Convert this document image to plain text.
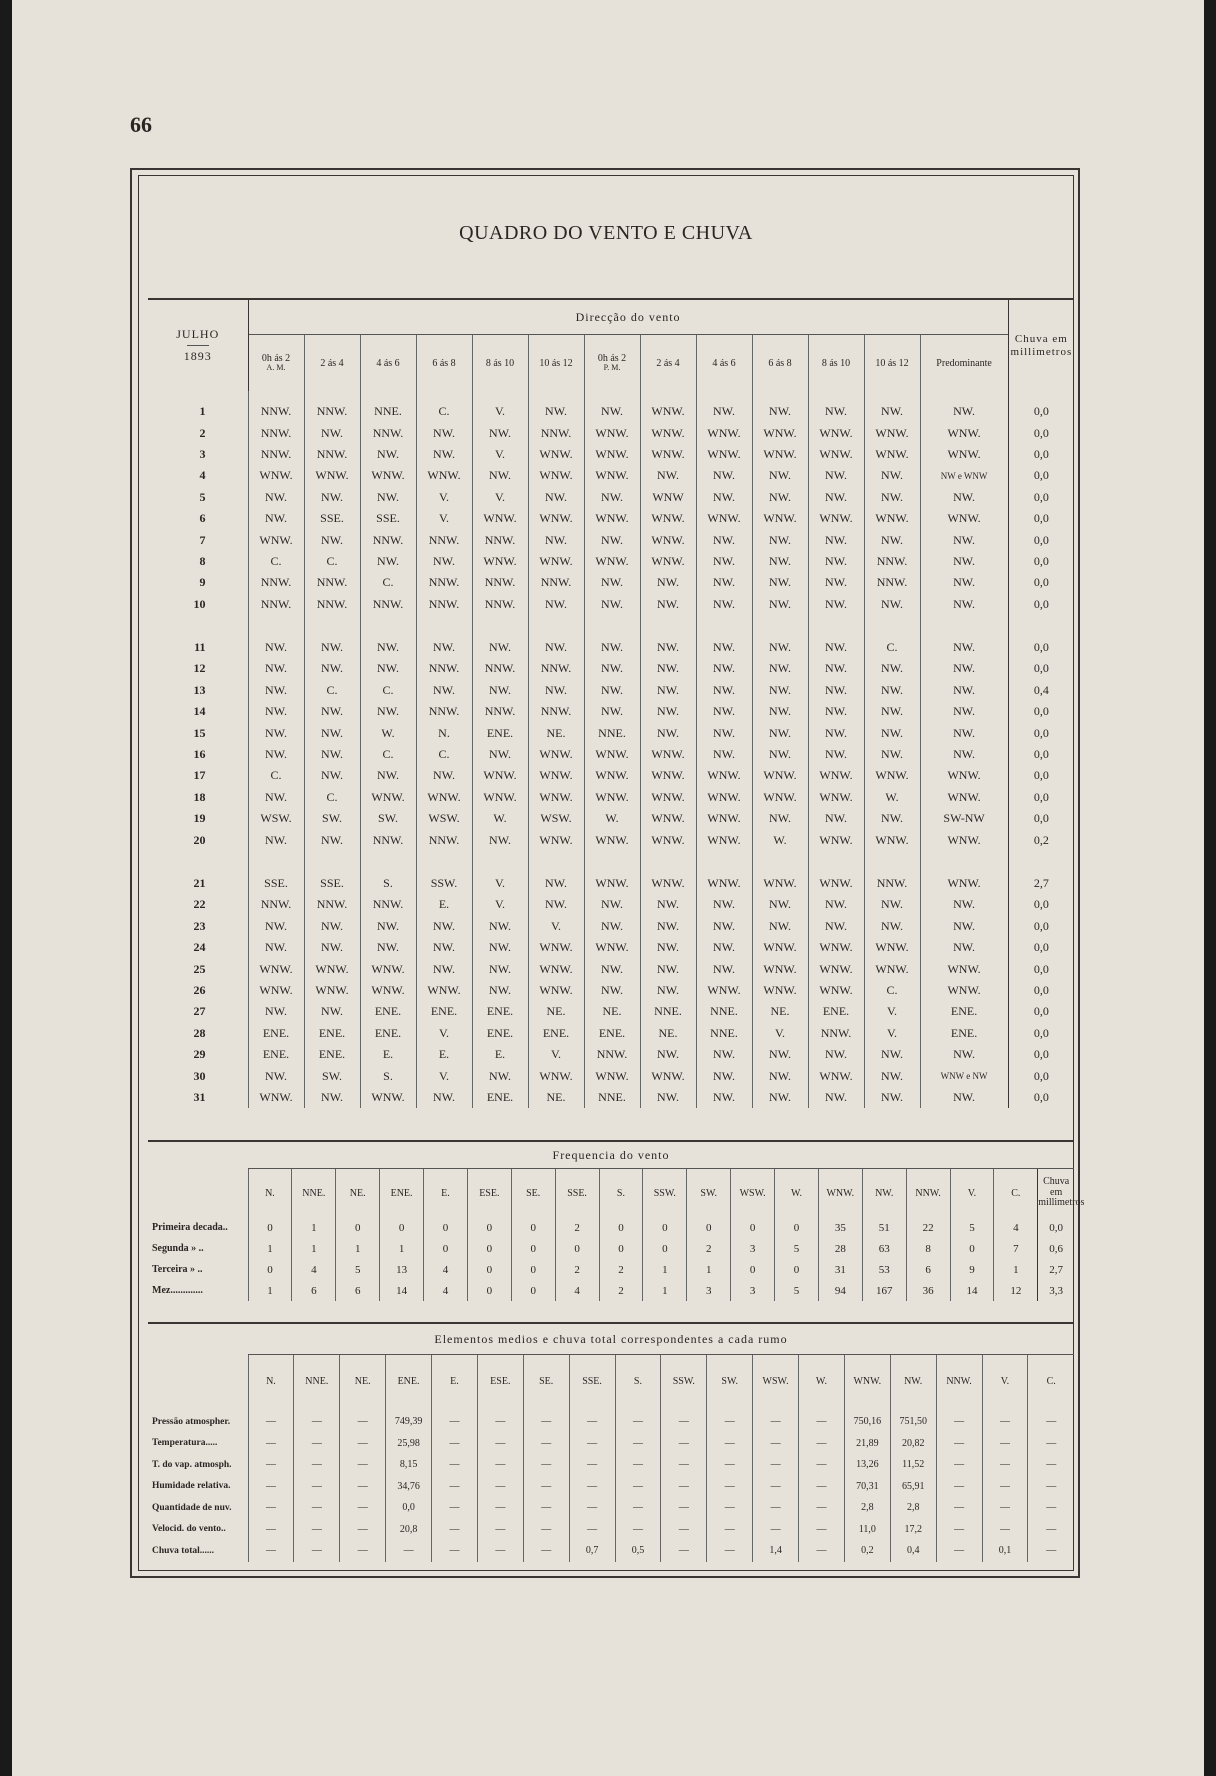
66
QUADRO DO VENTO E CHUVA
JULHO
1893	Direcção do vento													Chuva em millimetros
	0h ás 2
A. M.	2 ás 4	4 ás 6	6 ás 8	8 ás 10	10 ás 12	0h ás 2
P. M.	2 ás 4	4 ás 6	6 ás 8	8 ás 10	10 ás 12	Predominante	
1	NNW.	NNW.	NNE.	C.	V.	NW.	NW.	WNW.	NW.	NW.	NW.	NW.	NW.	0,0
2	NNW.	NW.	NNW.	NW.	NW.	NNW.	WNW.	WNW.	WNW.	WNW.	WNW.	WNW.	WNW.	0,0
3	NNW.	NNW.	NW.	NW.	V.	WNW.	WNW.	WNW.	WNW.	WNW.	WNW.	WNW.	WNW.	0,0
4	WNW.	WNW.	WNW.	WNW.	NW.	WNW.	WNW.	NW.	NW.	NW.	NW.	NW.	NW e WNW	0,0
5	NW.	NW.	NW.	V.	V.	NW.	NW.	WNW	NW.	NW.	NW.	NW.	NW.	0,0
6	NW.	SSE.	SSE.	V.	WNW.	WNW.	WNW.	WNW.	WNW.	WNW.	WNW.	WNW.	WNW.	0,0
7	WNW.	NW.	NNW.	NNW.	NNW.	NW.	NW.	WNW.	NW.	NW.	NW.	NW.	NW.	0,0
8	C.	C.	NW.	NW.	WNW.	WNW.	WNW.	WNW.	NW.	NW.	NW.	NNW.	NW.	0,0
9	NNW.	NNW.	C.	NNW.	NNW.	NNW.	NW.	NW.	NW.	NW.	NW.	NNW.	NW.	0,0
10	NNW.	NNW.	NNW.	NNW.	NNW.	NW.	NW.	NW.	NW.	NW.	NW.	NW.	NW.	0,0

11	NW.	NW.	NW.	NW.	NW.	NW.	NW.	NW.	NW.	NW.	NW.	C.	NW.	0,0
12	NW.	NW.	NW.	NNW.	NNW.	NNW.	NW.	NW.	NW.	NW.	NW.	NW.	NW.	0,0
13	NW.	C.	C.	NW.	NW.	NW.	NW.	NW.	NW.	NW.	NW.	NW.	NW.	0,4
14	NW.	NW.	NW.	NNW.	NNW.	NNW.	NW.	NW.	NW.	NW.	NW.	NW.	NW.	0,0
15	NW.	NW.	W.	N.	ENE.	NE.	NNE.	NW.	NW.	NW.	NW.	NW.	NW.	0,0
16	NW.	NW.	C.	C.	NW.	WNW.	WNW.	WNW.	NW.	NW.	NW.	NW.	NW.	0,0
17	C.	NW.	NW.	NW.	WNW.	WNW.	WNW.	WNW.	WNW.	WNW.	WNW.	WNW.	WNW.	0,0
18	NW.	C.	WNW.	WNW.	WNW.	WNW.	WNW.	WNW.	WNW.	WNW.	WNW.	W.	WNW.	0,0
19	WSW.	SW.	SW.	WSW.	W.	WSW.	W.	WNW.	WNW.	NW.	NW.	NW.	SW-NW	0,0
20	NW.	NW.	NNW.	NNW.	NW.	WNW.	WNW.	WNW.	WNW.	W.	WNW.	WNW.	WNW.	0,2

21	SSE.	SSE.	S.	SSW.	V.	NW.	WNW.	WNW.	WNW.	WNW.	WNW.	NNW.	WNW.	2,7
22	NNW.	NNW.	NNW.	E.	V.	NW.	NW.	NW.	NW.	NW.	NW.	NW.	NW.	0,0
23	NW.	NW.	NW.	NW.	NW.	V.	NW.	NW.	NW.	NW.	NW.	NW.	NW.	0,0
24	NW.	NW.	NW.	NW.	NW.	WNW.	WNW.	NW.	NW.	WNW.	WNW.	WNW.	NW.	0,0
25	WNW.	WNW.	WNW.	NW.	NW.	WNW.	NW.	NW.	NW.	WNW.	WNW.	WNW.	WNW.	0,0
26	WNW.	WNW.	WNW.	WNW.	NW.	WNW.	NW.	NW.	WNW.	WNW.	WNW.	C.	WNW.	0,0
27	NW.	NW.	ENE.	ENE.	ENE.	NE.	NE.	NNE.	NNE.	NE.	ENE.	V.	ENE.	0,0
28	ENE.	ENE.	ENE.	V.	ENE.	ENE.	ENE.	NE.	NNE.	V.	NNW.	V.	ENE.	0,0
29	ENE.	ENE.	E.	E.	E.	V.	NNW.	NW.	NW.	NW.	NW.	NW.	NW.	0,0
30	NW.	SW.	S.	V.	NW.	WNW.	WNW.	WNW.	NW.	NW.	WNW.	NW.	WNW e NW	0,0
31	WNW.	NW.	WNW.	NW.	ENE.	NE.	NNE.	NW.	NW.	NW.	NW.	NW.	NW.	0,0
Frequencia do vento																			
	N.	NNE.	NE.	ENE.	E.	ESE.	SE.	SSE.	S.	SSW.	SW.	WSW.	W.	WNW.	NW.	NNW.	V.	C.	Chuva em millimetros
Primeira decada..	0	1	0	0	0	0	0	2	0	0	0	0	0	35	51	22	5	4	0,0
Segunda » ..	1	1	1	1	0	0	0	0	0	0	2	3	5	28	63	8	0	7	0,6
Terceira » ..	0	4	5	13	4	0	0	2	2	1	1	0	0	31	53	6	9	1	2,7
Mez.............	1	6	6	14	4	0	0	4	2	1	3	3	5	94	167	36	14	12	3,3
Elementos medios e chuva total correspondentes a cada rumo																		
	N.	NNE.	NE.	ENE.	E.	ESE.	SE.	SSE.	S.	SSW.	SW.	WSW.	W.	WNW.	NW.	NNW.	V.	C.
Pressão atmospher.	—	—	—	749,39	—	—	—	—	—	—	—	—	—	750,16	751,50	—	—	—
Temperatura.....	—	—	—	25,98	—	—	—	—	—	—	—	—	—	21,89	20,82	—	—	—
T. do vap. atmosph.	—	—	—	8,15	—	—	—	—	—	—	—	—	—	13,26	11,52	—	—	—
Humidade relativa.	—	—	—	34,76	—	—	—	—	—	—	—	—	—	70,31	65,91	—	—	—
Quantidade de nuv.	—	—	—	0,0	—	—	—	—	—	—	—	—	—	2,8	2,8	—	—	—
Velocid. do vento..	—	—	—	20,8	—	—	—	—	—	—	—	—	—	11,0	17,2	—	—	—
Chuva total......	—	—	—	—	—	—	—	0,7	0,5	—	—	1,4	—	0,2	0,4	—	0,1	—
